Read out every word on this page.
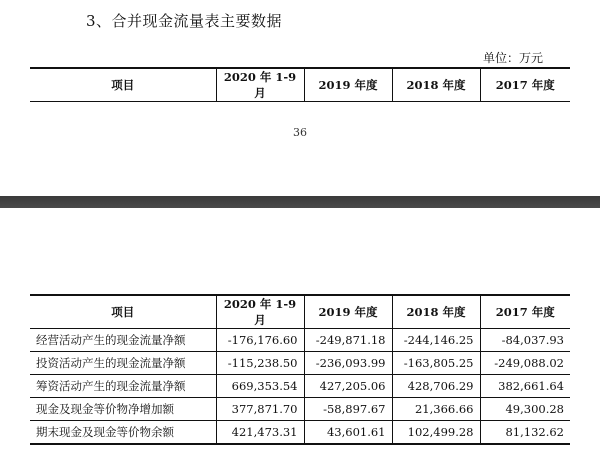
3、合并现金流量表主要数据
单位：万元
项目	2020 年 1-9 月	2019 年度	2018 年度	2017 年度
36
项目	2020 年 1-9 月	2019 年度	2018 年度	2017 年度
经营活动产生的现金流量净额	-176,176.60	-249,871.18	-244,146.25	-84,037.93
投资活动产生的现金流量净额	-115,238.50	-236,093.99	-163,805.25	-249,088.02
筹资活动产生的现金流量净额	669,353.54	427,205.06	428,706.29	382,661.64
现金及现金等价物净增加额	377,871.70	-58,897.67	21,366.66	49,300.28
期末现金及现金等价物余额	421,473.31	43,601.61	102,499.28	81,132.62
